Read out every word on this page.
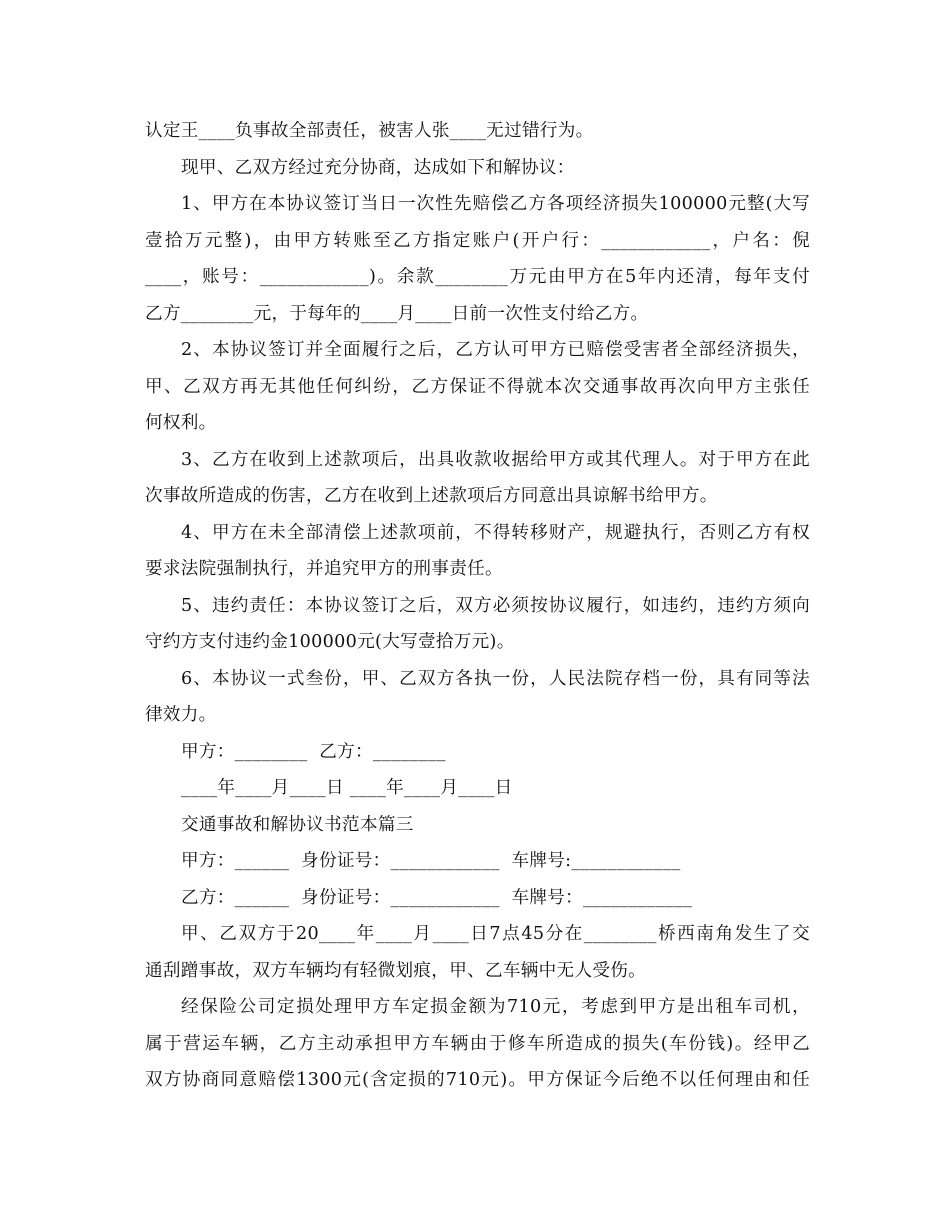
认定王____负事故全部责任，被害人张____无过错行为。
现甲、乙双方经过充分协商，达成如下和解协议：
1、甲方在本协议签订当日一次性先赔偿乙方各项经济损失100000元整(大写
壹拾万元整)，由甲方转账至乙方指定账户(开户行：____________，户名：倪
____，账号：____________)。余款________万元由甲方在5年内还清，每年支付
乙方________元，于每年的____月____日前一次性支付给乙方。
2、本协议签订并全面履行之后，乙方认可甲方已赔偿受害者全部经济损失，
甲、乙双方再无其他任何纠纷，乙方保证不得就本次交通事故再次向甲方主张任
何权利。
3、乙方在收到上述款项后，出具收款收据给甲方或其代理人。对于甲方在此
次事故所造成的伤害，乙方在收到上述款项后方同意出具谅解书给甲方。
4、甲方在未全部清偿上述款项前，不得转移财产，规避执行，否则乙方有权
要求法院强制执行，并追究甲方的刑事责任。
5、违约责任：本协议签订之后，双方必须按协议履行，如违约，违约方须向
守约方支付违约金100000元(大写壹拾万元)。
6、本协议一式叁份，甲、乙双方各执一份，人民法院存档一份，具有同等法
律效力。
甲方：________  乙方：________
____年____月____日 ____年____月____日
交通事故和解协议书范本篇三
甲方：______  身份证号：____________  车牌号:____________
乙方：______  身份证号：____________  车牌号：____________
甲、乙双方于20____年____月____日7点45分在________桥西南角发生了交
通刮蹭事故，双方车辆均有轻微划痕，甲、乙车辆中无人受伤。
经保险公司定损处理甲方车定损金额为710元，考虑到甲方是出租车司机，
属于营运车辆，乙方主动承担甲方车辆由于修车所造成的损失(车份钱)。经甲乙
双方协商同意赔偿1300元(含定损的710元)。甲方保证今后绝不以任何理由和任
